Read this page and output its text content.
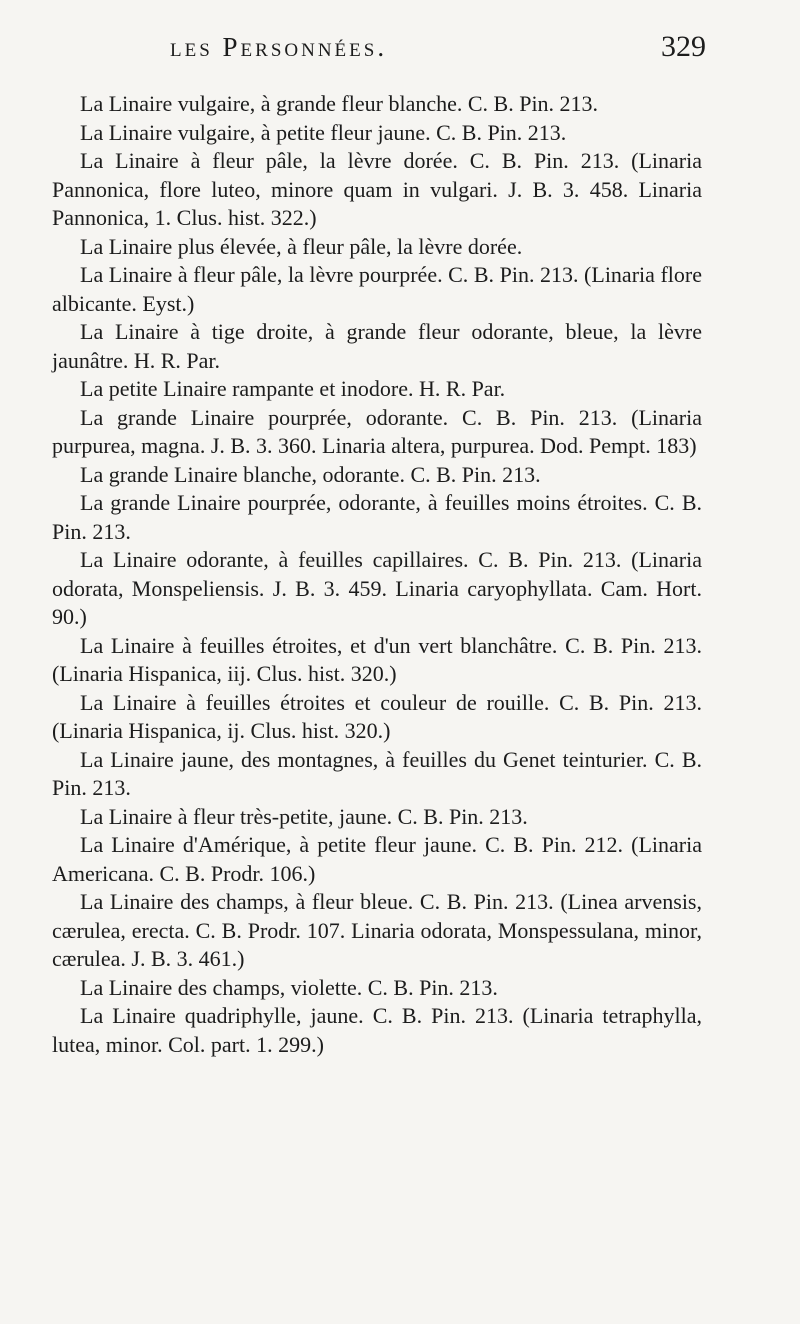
les Personnées.	329

La Linaire vulgaire, à grande fleur blanche. C. B. Pin. 213.

La Linaire vulgaire, à petite fleur jaune. C. B. Pin. 213.

La Linaire à fleur pâle, la lèvre dorée. C. B. Pin. 213. (Linaria Pannonica, flore luteo, minore quam in vulgari. J. B. 3. 458. Linaria Pannonica, 1. Clus. hist. 322.)

La Linaire plus élevée, à fleur pâle, la lèvre dorée.

La Linaire à fleur pâle, la lèvre pourprée. C. B. Pin. 213. (Linaria flore albicante. Eyst.)

La Linaire à tige droite, à grande fleur odorante, bleue, la lèvre jaunâtre. H. R. Par.

La petite Linaire rampante et inodore. H. R. Par.

La grande Linaire pourprée, odorante. C. B. Pin. 213. (Linaria purpurea, magna. J. B. 3. 360. Linaria altera, purpurea. Dod. Pempt. 183)

La grande Linaire blanche, odorante. C. B. Pin. 213.

La grande Linaire pourprée, odorante, à feuilles moins étroites. C. B. Pin. 213.

La Linaire odorante, à feuilles capillaires. C. B. Pin. 213. (Linaria odorata, Monspeliensis. J. B. 3. 459. Linaria caryophyllata. Cam. Hort. 90.)

La Linaire à feuilles étroites, et d'un vert blanchâtre. C. B. Pin. 213. (Linaria Hispanica, iij. Clus. hist. 320.)

La Linaire à feuilles étroites et couleur de rouille. C. B. Pin. 213. (Linaria Hispanica, ij. Clus. hist. 320.)

La Linaire jaune, des montagnes, à feuilles du Genet teinturier. C. B. Pin. 213.

La Linaire à fleur très-petite, jaune. C. B. Pin. 213.

La Linaire d'Amérique, à petite fleur jaune. C. B. Pin. 212. (Linaria Americana. C. B. Prodr. 106.)

La Linaire des champs, à fleur bleue. C. B. Pin. 213. (Linea arvensis, cærulea, erecta. C. B. Prodr. 107. Linaria odorata, Monspessulana, minor, cærulea. J. B. 3. 461.)

La Linaire des champs, violette. C. B. Pin. 213.

La Linaire quadriphylle, jaune. C. B. Pin. 213. (Linaria tetraphylla, lutea, minor. Col. part. 1. 299.)
